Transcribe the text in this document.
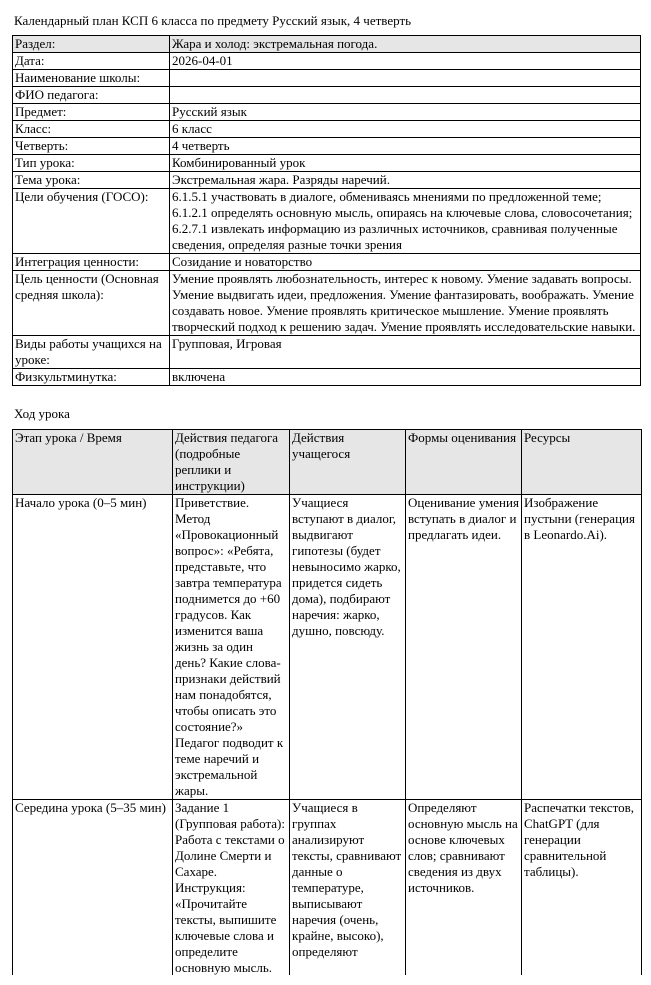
Календарный план КСП 6 класса по предмету Русский язык, 4 четверть
Раздел:	Жара и холод: экстремальная погода.

Дата:	2026-04-01

Наименование школы:	

ФИО педагога:	

Предмет:	Русский язык

Класс:	6 класс

Четверть:	4 четверть

Тип урока:	Комбинированный урок

Тема урока:	Экстремальная жара. Разряды наречий.

Цели обучения (ГОСО):	6.1.5.1 участвовать в диалоге, обмениваясь мнениями по предложенной теме;
6.1.2.1 определять основную мысль, опираясь на ключевые слова, словосочетания;
6.2.7.1 извлекать информацию из различных источников, сравнивая полученные сведения, определяя разные точки зрения

Интеграция ценности:	Созидание и новаторство

Цель ценности (Основная средняя школа):	Умение проявлять любознательность, интерес к новому. Умение задавать вопросы. Умение выдвигать идеи, предложения. Умение фантазировать, воображать. Умение создавать новое. Умение проявлять критическое мышление. Умение проявлять творческий подход к решению задач. Умение проявлять исследовательские навыки.

Виды работы учащихся на уроке:	Групповая, Игровая

Физкультминутка:	включена
Ход урока
Этап урока / Время	Действия педагога (подробные реплики и инструкции)	Действия учащегося	Формы оценивания	Ресурсы
Начало урока (0–5 мин)	Приветствие. Метод «Провокационный вопрос»: «Ребята, представьте, что завтра температура поднимется до +60 градусов. Как изменится ваша жизнь за один день? Какие слова-признаки действий нам понадобятся, чтобы описать это состояние?» Педагог подводит к теме наречий и экстремальной жары.	Учащиеся вступают в диалог, выдвигают гипотезы (будет невыносимо жарко, придется сидеть дома), подбирают наречия: жарко, душно, повсюду.	Оценивание умения вступать в диалог и предлагать идеи.	Изображение пустыни (генерация в Leonardo.Ai).
Середина урока (5–35 мин)	Задание 1 (Групповая работа): Работа с текстами о Долине Смерти и Сахаре. Инструкция: «Прочитайте тексты, выпишите ключевые слова и определите основную мысль.	Учащиеся в группах анализируют тексты, сравнивают данные о температуре, выписывают наречия (очень, крайне, высоко), определяют	Определяют основную мысль на основе ключевых слов; сравнивают сведения из двух источников.	Распечатки текстов, ChatGPT (для генерации сравнительной таблицы).
